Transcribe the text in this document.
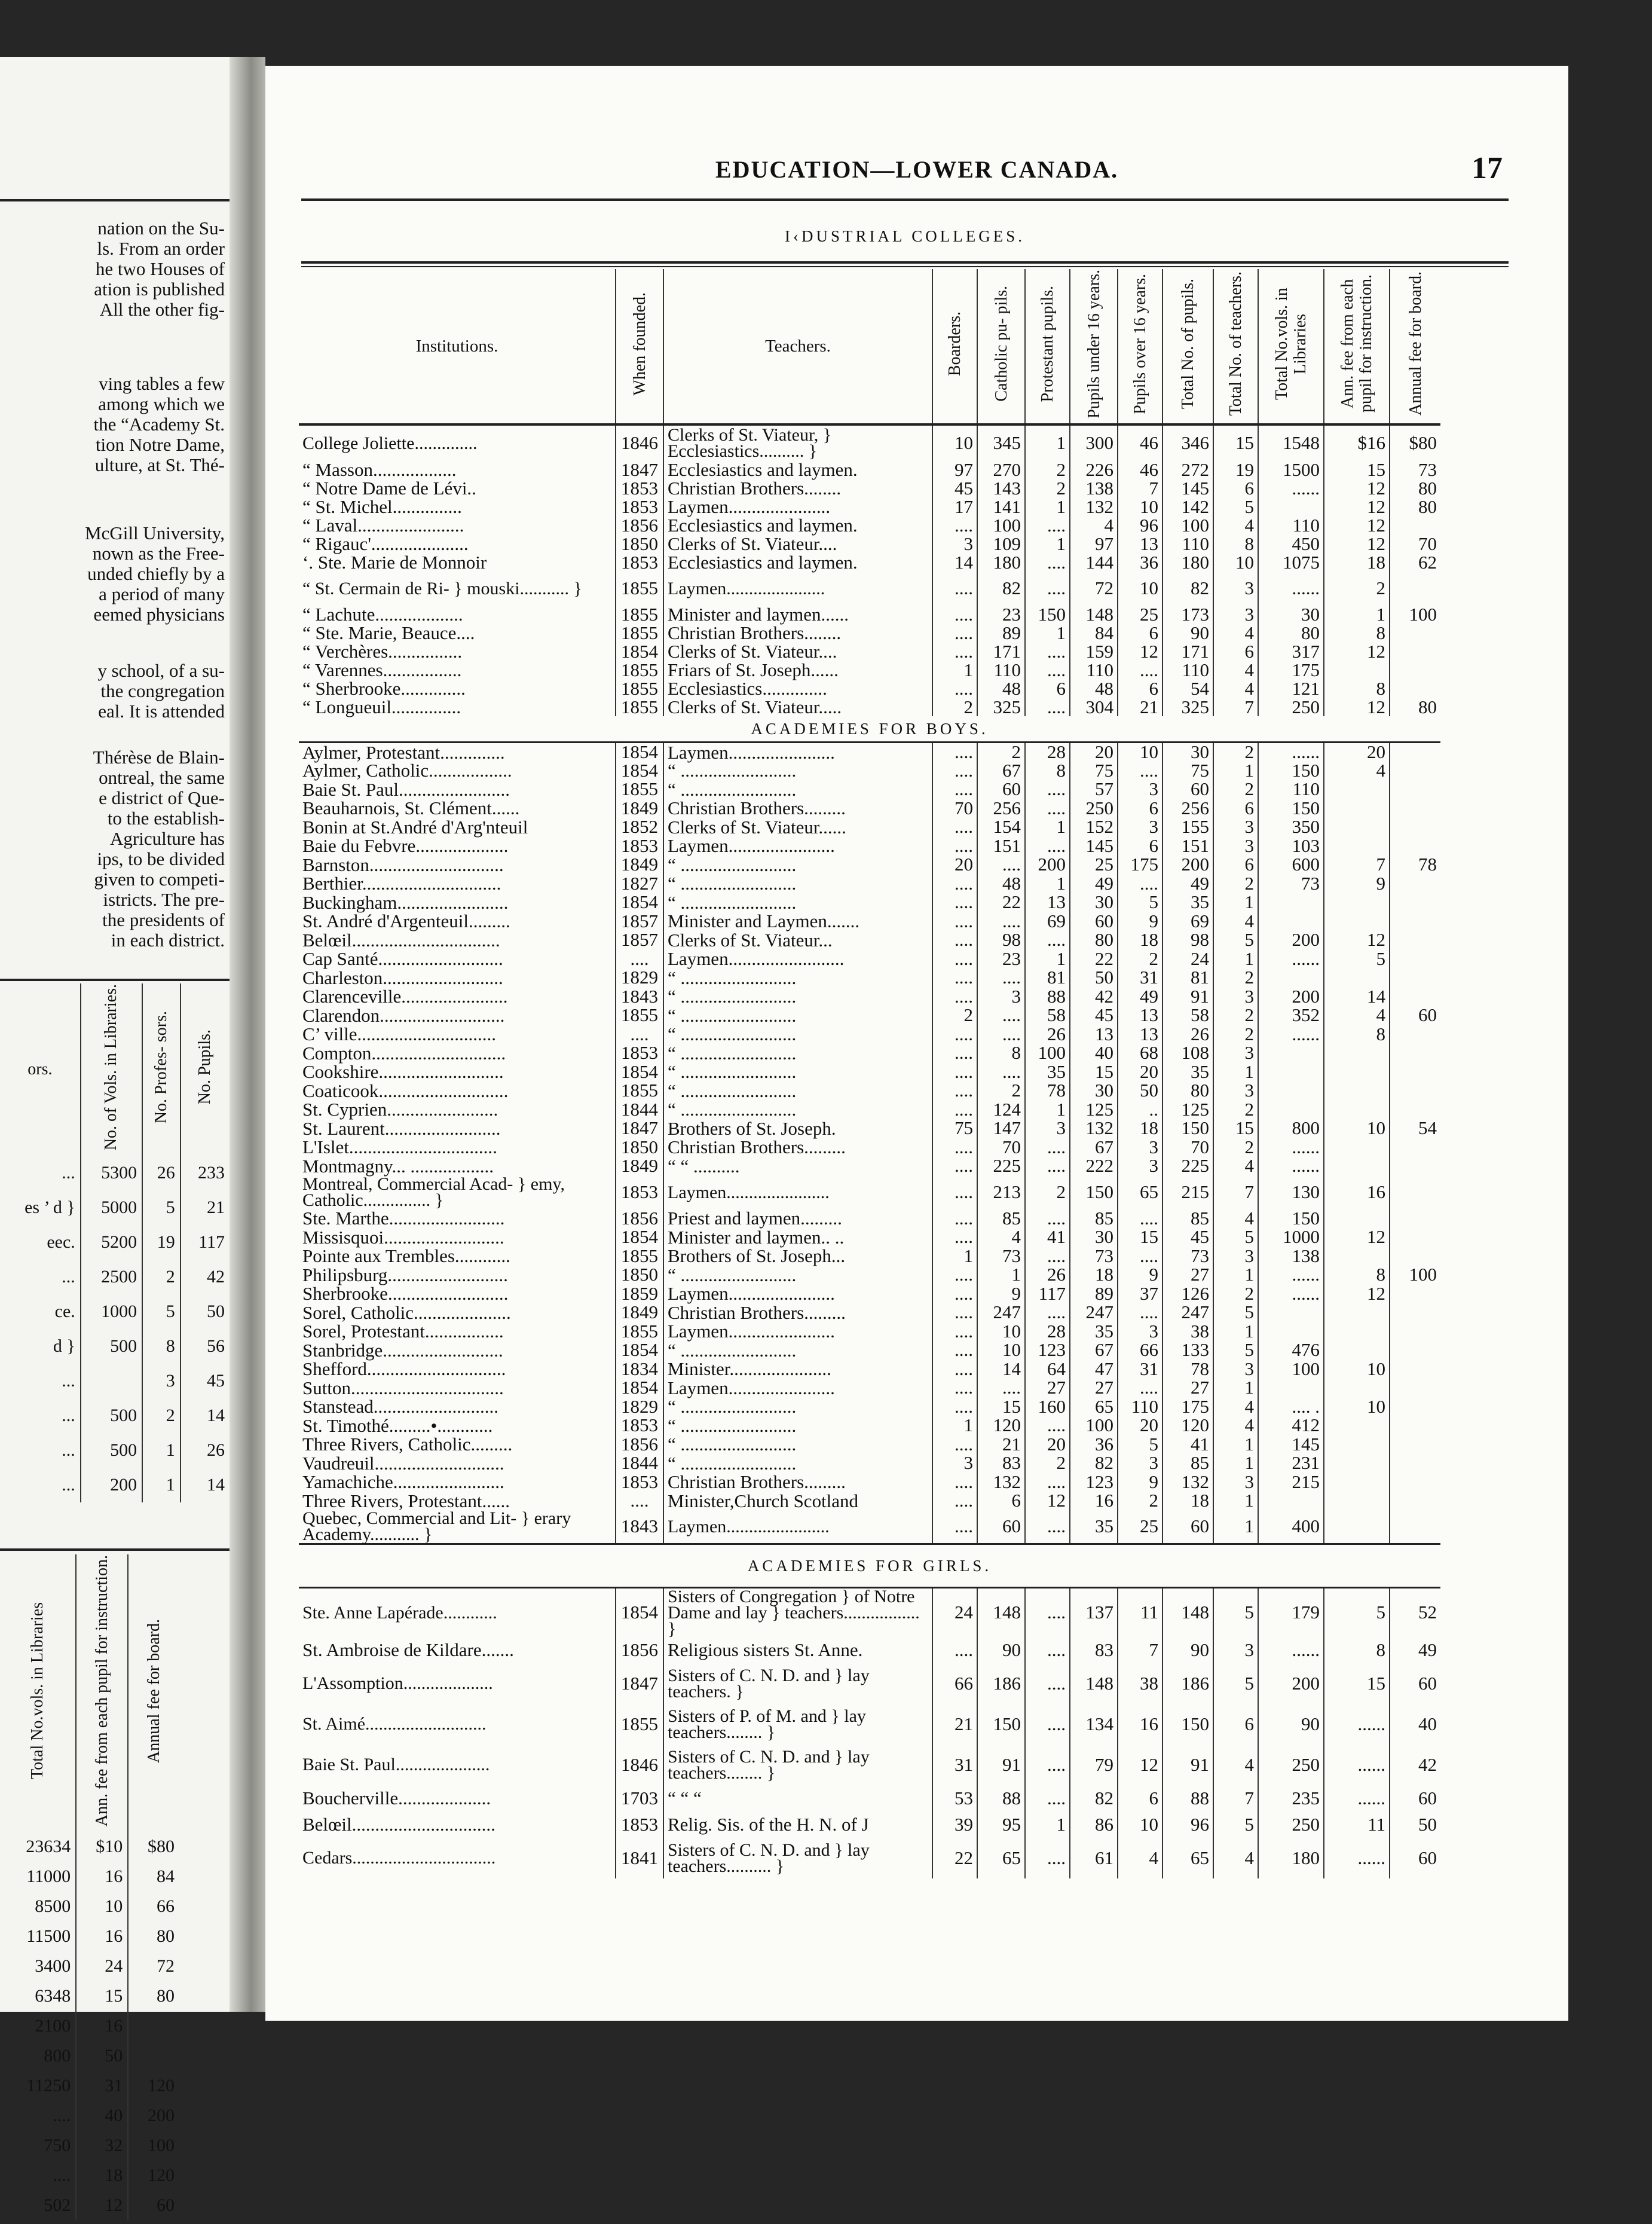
nation on the Su-
ls. From an order
he two Houses of
ation is published
All the other fig-
ving tables a few
among which we
the “Academy St.
tion Notre Dame,
ulture, at St. Thé-
McGill University,
nown as the Free-
unded chiefly by a
a period of many
eemed physicians
y school, of a su-
the congregation
eal. It is attended
Thérèse de Blain-
ontreal, the same
e district of Que-
to the establish-
Agriculture has
ips, to be divided
given to competi-
istricts. The pre-
the presidents of
in each district.
ors.	No. of Vols. in Libraries.	No. Profes- sors.	No. Pupils.
...	5300	26	233
es ’ d }	5000	5	21
eec.	5200	19	117
...	2500	2	42
ce.	1000	5	50
d }	500	8	56
...		3	45
...	500	2	14
...	500	1	26
...	200	1	14
Total No.vols. in Libraries	Ann. fee from each pupil for instruction.	Annual fee for board.
23634	$10	$80
11000	16	84
8500	10	66
11500	16	80
3400	24	72
6348	15	80
2100	16	
800	50	
11250	31	120
....	40	200
750	32	100
....	18	120
502	12	60
EDUCATION—LOWER CANADA.	17
I‹DUSTRIAL COLLEGES.
Institutions.	When founded.	Teachers.	Boarders.	Catholic pu- pils.	Protestant pupils.	Pupils under 16 years.	Pupils over 16 years.	Total No. of pupils.	Total No. of teachers.	Total No.vols. in Libraries	Ann. fee from each pupil for instruction.	Annual fee for board.
College Joliette..............	1846	Clerks of St. Viateur, } Ecclesiastics.......... }	10	345	1	300	46	346	15	1548	$16	$80
“ Masson..................	1847	Ecclesiastics and laymen.	97	270	2	226	46	272	19	1500	15	73
“ Notre Dame de Lévi..	1853	Christian Brothers........	45	143	2	138	7	145	6	......	12	80
“ St. Michel...............	1853	Laymen......................	17	141	1	132	10	142	5		12	80
“ Laval.......................	1856	Ecclesiastics and laymen.	....	100	....	4	96	100	4	110	12	
“ Rigauc'.....................	1850	Clerks of St. Viateur....	3	109	1	97	13	110	8	450	12	70
‘. Ste. Marie de Monnoir	1853	Ecclesiastics and laymen.	14	180	....	144	36	180	10	1075	18	62
“ St. Cermain de Ri- } mouski........... }	1855	Laymen......................	....	82	....	72	10	82	3	......	2	
“ Lachute...................	1855	Minister and laymen......	....	23	150	148	25	173	3	30	1	100
“ Ste. Marie, Beauce....	1855	Christian Brothers........	....	89	1	84	6	90	4	80	8	
“ Verchères................	1854	Clerks of St. Viateur....	....	171	....	159	12	171	6	317	12	
“ Varennes.................	1855	Friars of St. Joseph......	1	110	....	110	....	110	4	175		
“ Sherbrooke..............	1855	Ecclesiastics..............	....	48	6	48	6	54	4	121	8	
“ Longueuil...............	1855	Clerks of St. Viateur.....	2	325	....	304	21	325	7	250	12	80
ACADEMIES FOR BOYS.												
Aylmer, Protestant..............	1854	Laymen.......................	....	2	28	20	10	30	2	......	20	
Aylmer, Catholic..................	1854	“ .........................	....	67	8	75	....	75	1	150	4	
Baie St. Paul........................	1855	“ .........................	....	60	....	57	3	60	2	110		
Beauharnois, St. Clément......	1849	Christian Brothers.........	70	256	....	250	6	256	6	150		
Bonin at St.André d'Arg'nteuil	1852	Clerks of St. Viateur......	....	154	1	152	3	155	3	350		
Baie du Febvre....................	1853	Laymen.......................	....	151	....	145	6	151	3	103		
Barnston.............................	1849	“ .........................	20	....	200	25	175	200	6	600	7	78
Berthier..............................	1827	“ .........................	....	48	1	49	....	49	2	73	9	
Buckingham........................	1854	“ .........................	....	22	13	30	5	35	1			
St. André d'Argenteuil.........	1857	Minister and Laymen.......	....	....	69	60	9	69	4			
Belœil................................	1857	Clerks of St. Viateur...	....	98	....	80	18	98	5	200	12	
Cap Santé...........................	....	Laymen.........................	....	23	1	22	2	24	1	......	5	
Charleston..........................	1829	“ .........................	....	....	81	50	31	81	2			
Clarenceville.......................	1843	“ .........................	....	3	88	42	49	91	3	200	14	
Clarendon...........................	1855	“ .........................	2	....	58	45	13	58	2	352	4	60
C’ ville..............................	....	“ .........................	....	....	26	13	13	26	2	......	8	
Compton.............................	1853	“ .........................	....	8	100	40	68	108	3			
Cookshire...........................	1854	“ .........................	....	....	35	15	20	35	1			
Coaticook............................	1855	“ .........................	....	2	78	30	50	80	3			
St. Cyprien........................	1844	“ .........................	....	124	1	125	..	125	2			
St. Laurent.........................	1847	Brothers of St. Joseph.	75	147	3	132	18	150	15	800	10	54
L'Islet................................	1850	Christian Brothers.........	....	70	....	67	3	70	2	......		
Montmagny... ..................	1849	“ “ ..........	....	225	....	222	3	225	4	......		
Montreal, Commercial Acad- } emy, Catholic............... }	1853	Laymen.......................	....	213	2	150	65	215	7	130	16	
Ste. Marthe.........................	1856	Priest and laymen.........	....	85	....	85	....	85	4	150		
Missisquoi..........................	1854	Minister and laymen.. ..	....	4	41	30	15	45	5	1000	12	
Pointe aux Trembles............	1855	Brothers of St. Joseph...	1	73	....	73	....	73	3	138		
Philipsburg..........................	1850	“ .........................	....	1	26	18	9	27	1	......	8	100
Sherbrooke..........................	1859	Laymen.......................	....	9	117	89	37	126	2	......	12	
Sorel, Catholic.....................	1849	Christian Brothers.........	....	247	....	247	....	247	5			
Sorel, Protestant.................	1855	Laymen.......................	....	10	28	35	3	38	1			
Stanbridge..........................	1854	“ .........................	....	10	123	67	66	133	5	476		
Shefford..............................	1834	Minister......................	....	14	64	47	31	78	3	100	10	
Sutton.................................	1854	Laymen.......................	....	....	27	27	....	27	1			
Stanstead...........................	1829	“ .........................	....	15	160	65	110	175	4	.... .	10	
St. Timothé.........•............	1853	“ .........................	1	120	....	100	20	120	4	412		
Three Rivers, Catholic.........	1856	“ .........................	....	21	20	36	5	41	1	145		
Vaudreuil............................	1844	“ .........................	3	83	2	82	3	85	1	231		
Yamachiche........................	1853	Christian Brothers.........	....	132	....	123	9	132	3	215		
Three Rivers, Protestant......	....	Minister,Church Scotland	....	6	12	16	2	18	1			
Quebec, Commercial and Lit- } erary Academy........... }	1843	Laymen.......................	....	60	....	35	25	60	1	400		
ACADEMIES FOR GIRLS.												
Ste. Anne Lapérade............	1854	Sisters of Congregation } of Notre Dame and lay } teachers................. }	24	148	....	137	11	148	5	179	5	52
St. Ambroise de Kildare.......	1856	Religious sisters St. Anne.	....	90	....	83	7	90	3	......	8	49
L'Assomption....................	1847	Sisters of C. N. D. and } lay teachers. }	66	186	....	148	38	186	5	200	15	60
St. Aimé...........................	1855	Sisters of P. of M. and } lay teachers........ }	21	150	....	134	16	150	6	90	......	40
Baie St. Paul.....................	1846	Sisters of C. N. D. and } lay teachers........ }	31	91	....	79	12	91	4	250	......	42
Boucherville....................	1703	“ “ “	53	88	....	82	6	88	7	235	......	60
Belœil...............................	1853	Relig. Sis. of the H. N. of J	39	95	1	86	10	96	5	250	11	50
Cedars................................	1841	Sisters of C. N. D. and } lay teachers.......... }	22	65	....	61	4	65	4	180	......	60
